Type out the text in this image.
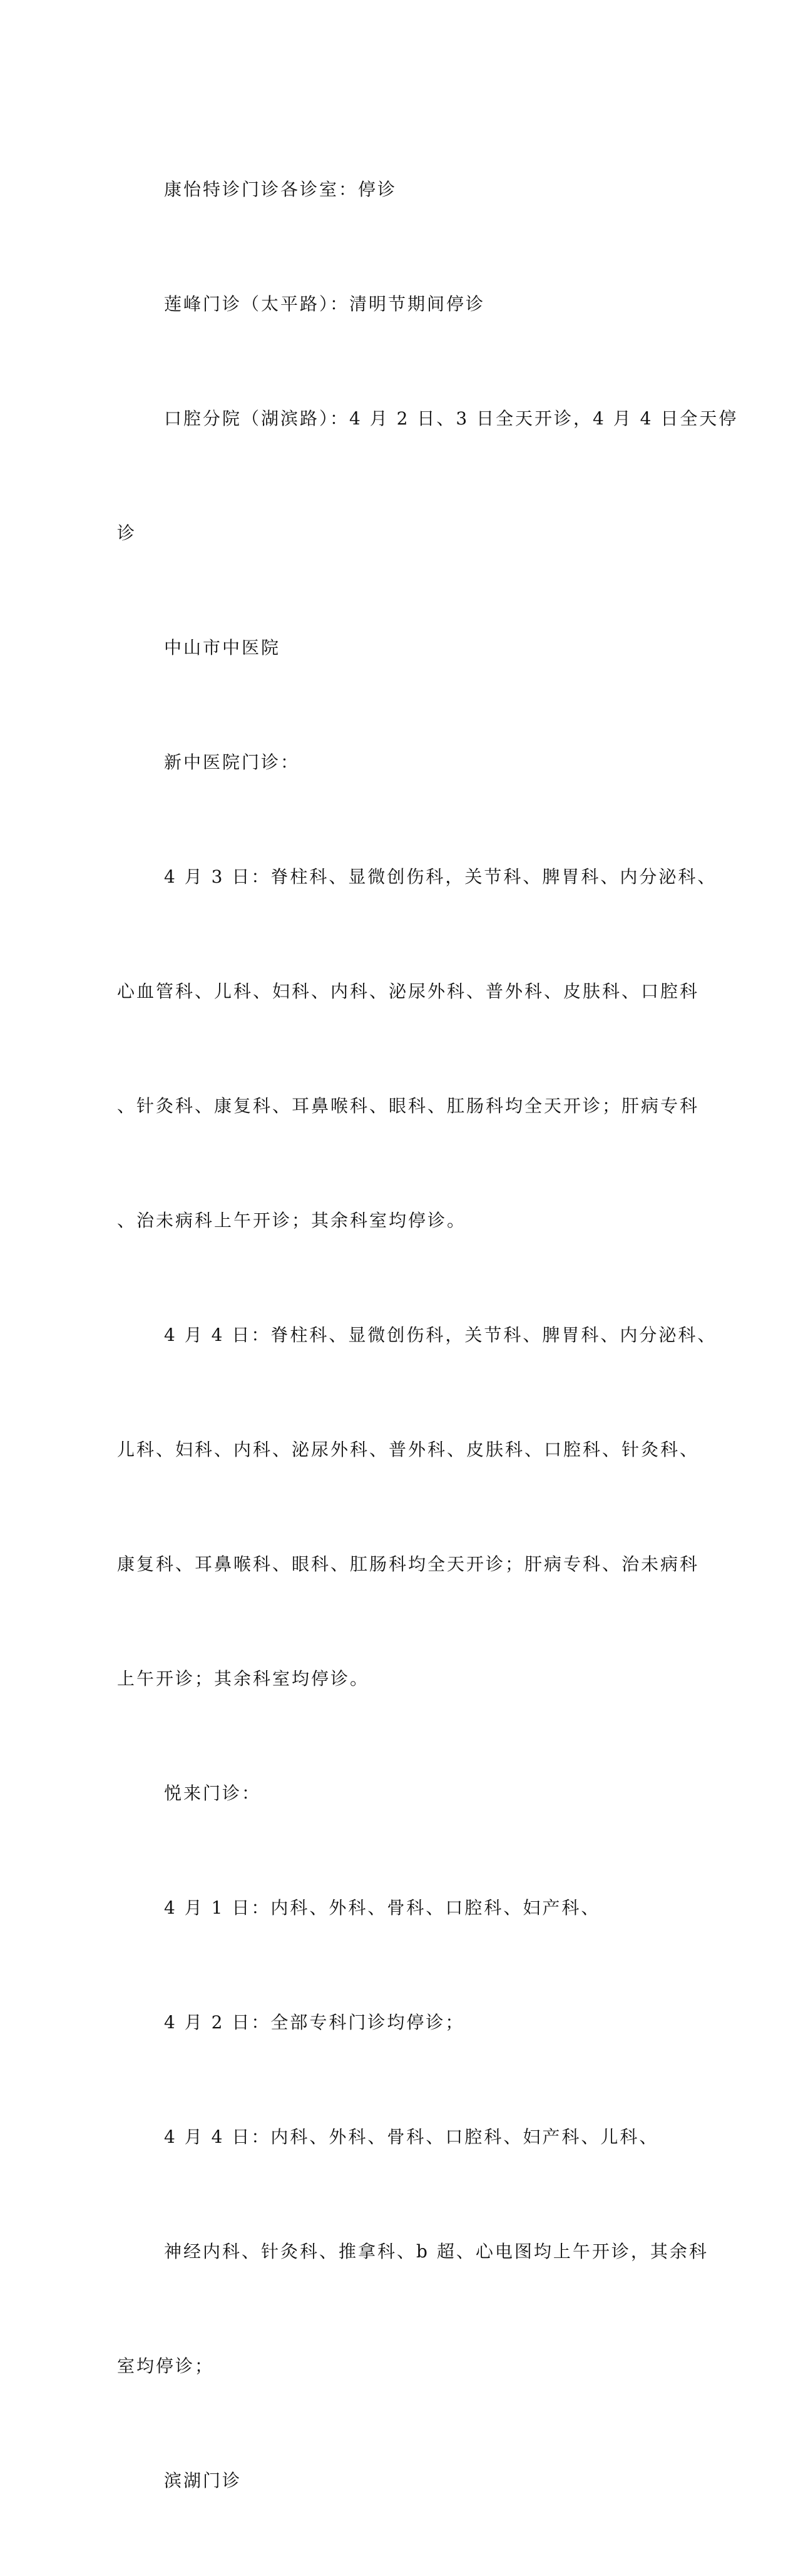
康怡特诊门诊各诊室：停诊

莲峰门诊（太平路）：清明节期间停诊

口腔分院（湖滨路）：4 月 2 日、3 日全天开诊，4 月 4 日全天停

诊

中山市中医院

新中医院门诊：

4 月 3 日：脊柱科、显微创伤科，关节科、脾胃科、内分泌科、

心血管科、儿科、妇科、内科、泌尿外科、普外科、皮肤科、口腔科

、针灸科、康复科、耳鼻喉科、眼科、肛肠科均全天开诊；肝病专科

、治未病科上午开诊；其余科室均停诊。

4 月 4 日：脊柱科、显微创伤科，关节科、脾胃科、内分泌科、

儿科、妇科、内科、泌尿外科、普外科、皮肤科、口腔科、针灸科、

康复科、耳鼻喉科、眼科、肛肠科均全天开诊；肝病专科、治未病科

上午开诊；其余科室均停诊。

悦来门诊：

4 月 1 日：内科、外科、骨科、口腔科、妇产科、

4 月 2 日：全部专科门诊均停诊；

4 月 4 日：内科、外科、骨科、口腔科、妇产科、儿科、

神经内科、针灸科、推拿科、b 超、心电图均上午开诊，其余科

室均停诊；

滨湖门诊
